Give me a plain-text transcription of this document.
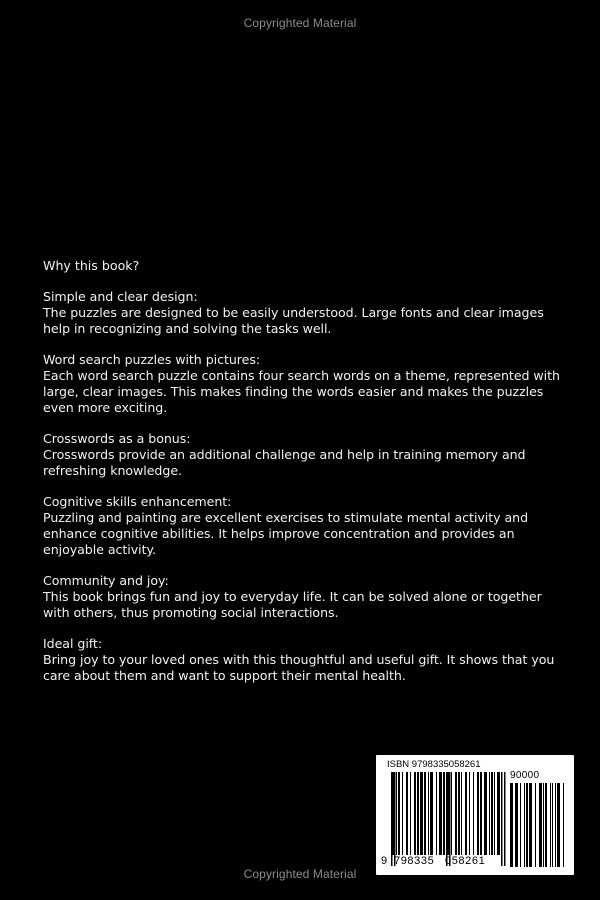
Copyrighted Material

Why this book?

Simple and clear design:

The puzzles are designed to be easily understood. Large fonts and clear images help in recognizing and solving the tasks well.

Word search puzzles with pictures:

Each word search puzzle contains four search words on a theme, represented with large, clear images. This makes finding the words easier and makes the puzzles even more exciting.

Crosswords as a bonus:

Crosswords provide an additional challenge and help in training memory and refreshing knowledge.

Cognitive skills enhancement:

Puzzling and painting are excellent exercises to stimulate mental activity and enhance cognitive abilities. It helps improve concentration and provides an enjoyable activity.

Community and joy:

This book brings fun and joy to everyday life. It can be solved alone or together with others, thus promoting social interactions.

Ideal gift:

Bring joy to your loved ones with this thoughtful and useful gift. It shows that you care about them and want to support their mental health.

ISBN 9798335058261
90000
9 798335 058261
Copyrighted Material
